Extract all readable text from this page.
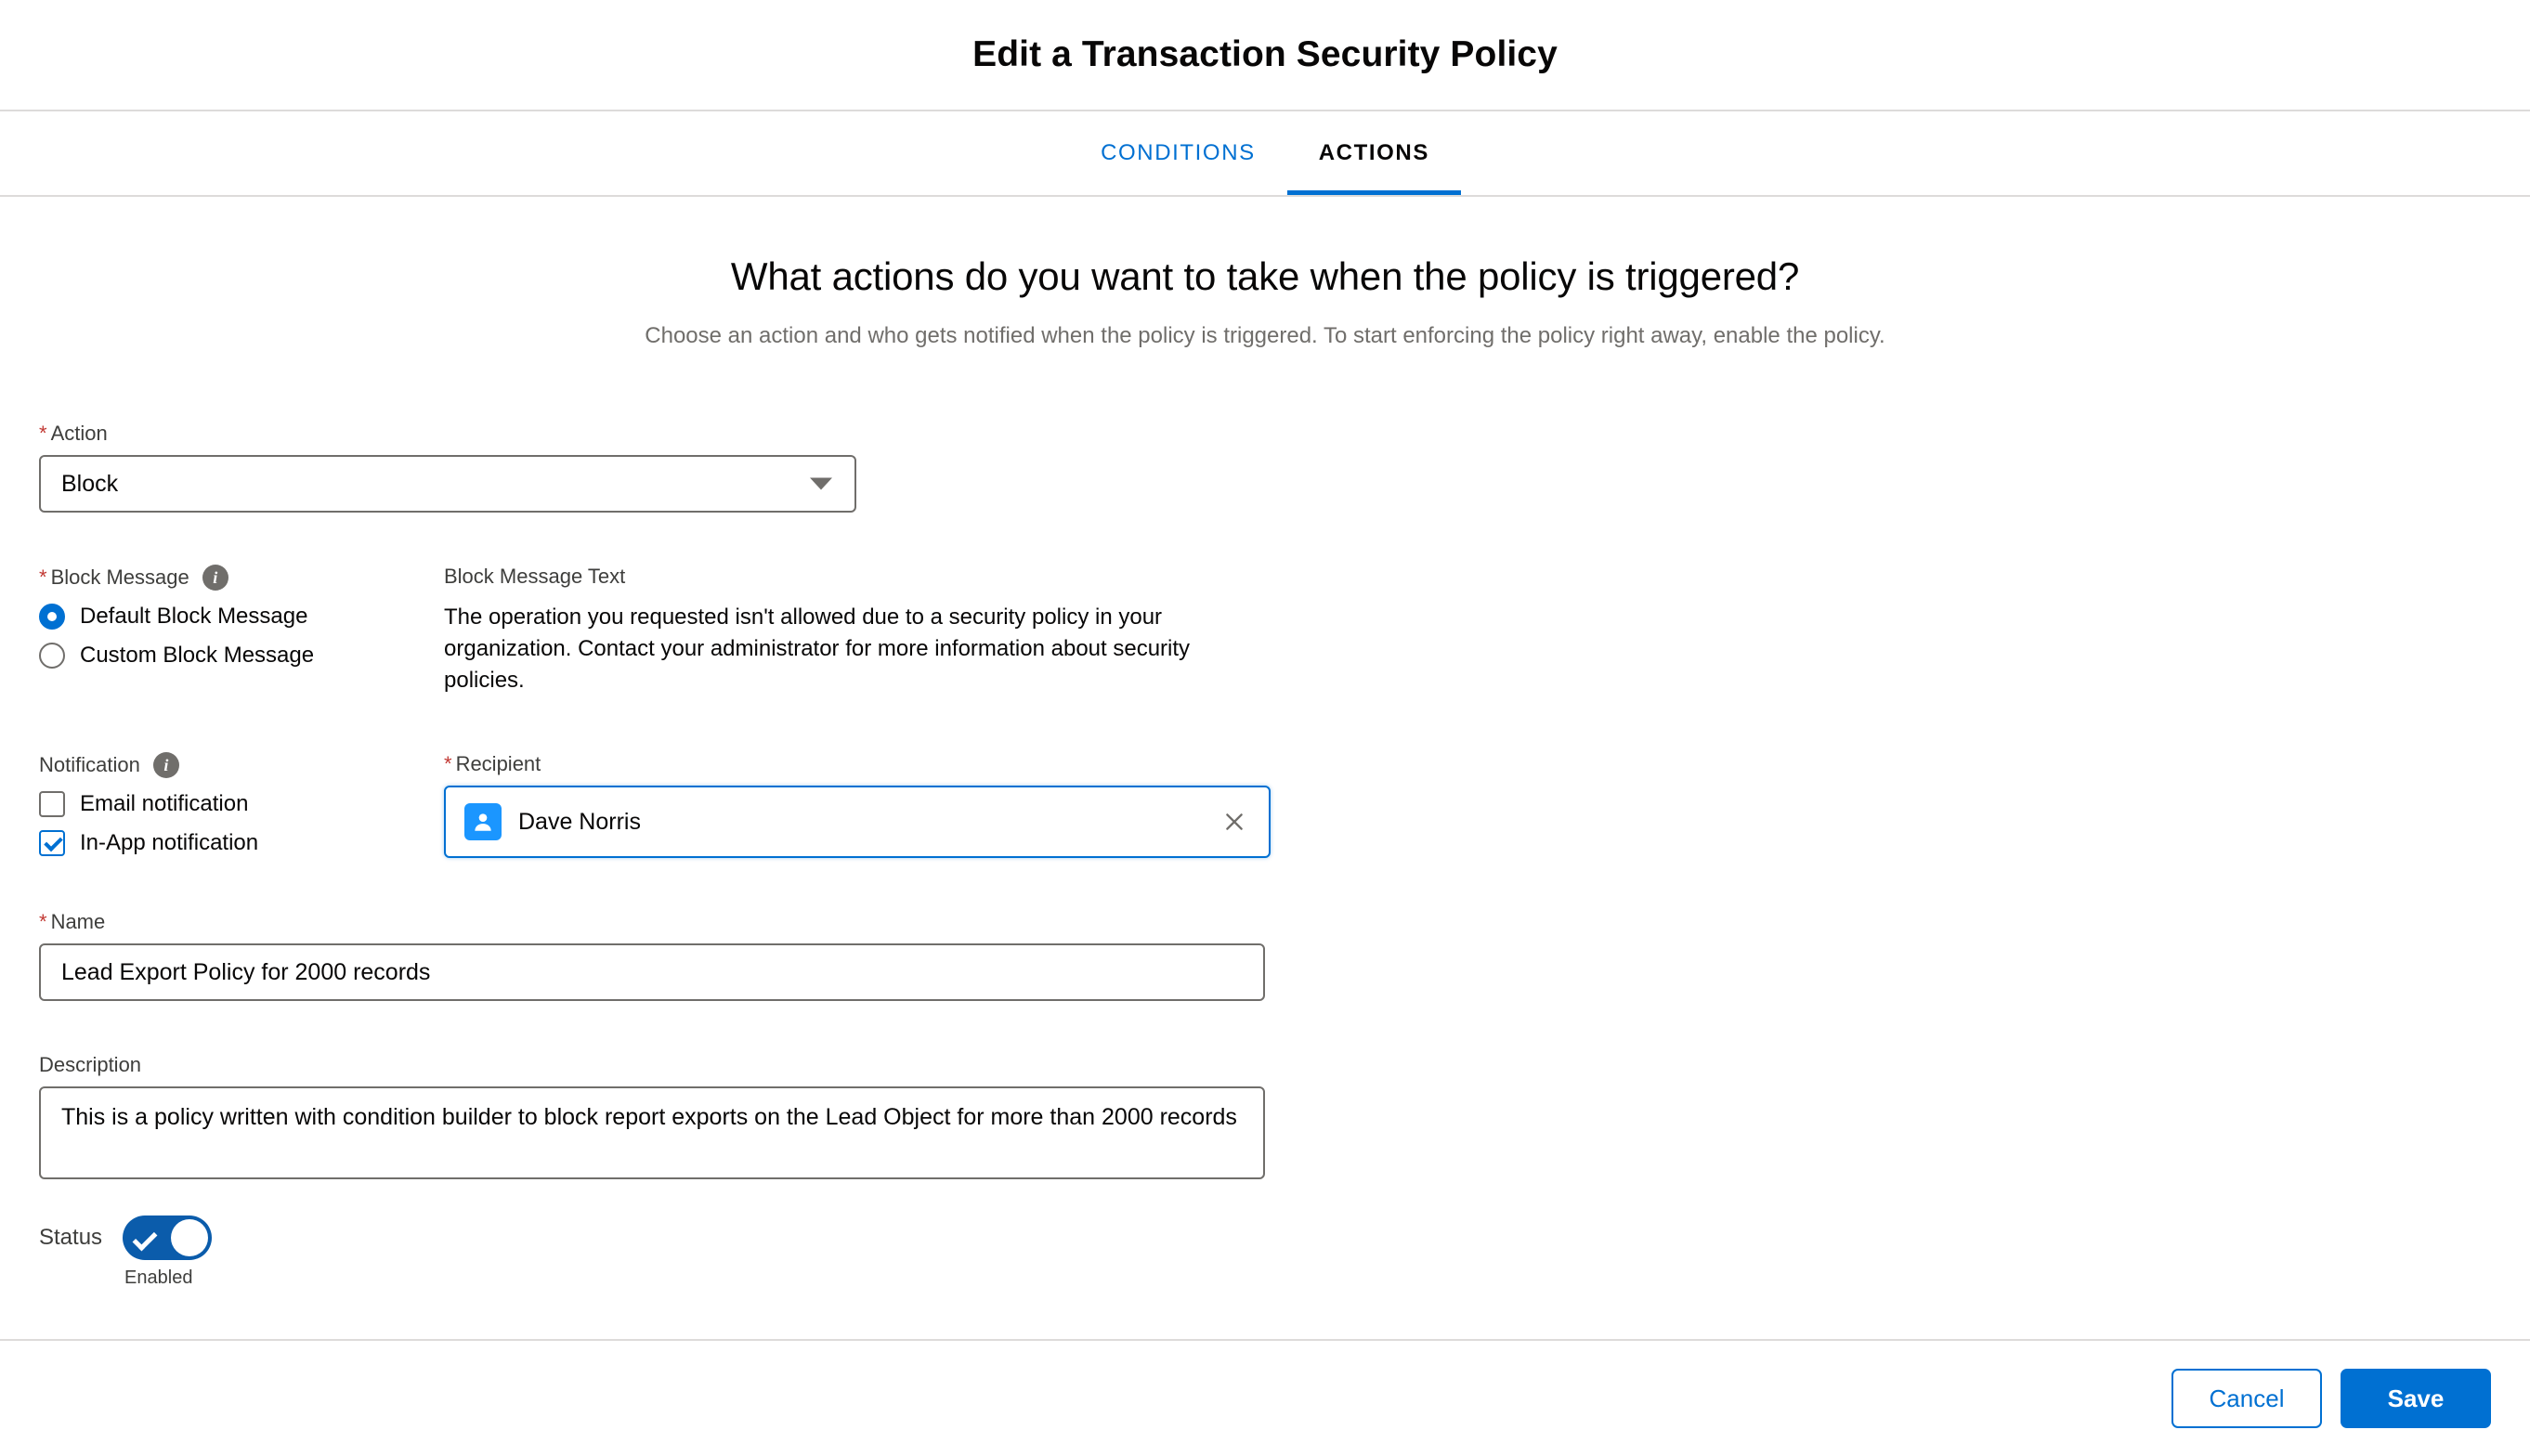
Edit a Transaction Security Policy
CONDITIONS	ACTIONS
What actions do you want to take when the policy is triggered?
Choose an action and who gets notified when the policy is triggered. To start enforcing the policy right away, enable the policy.
* Action
Block
* Block Message	i
Default Block Message
Custom Block Message
Block Message Text
The operation you requested isn't allowed due to a security policy in your organization. Contact your administrator for more information about security policies.
Notification	i
Email notification
In-App notification
* Recipient
Dave Norris
* Name
Lead Export Policy for 2000 records
Description
This is a policy written with condition builder to block report exports on the Lead Object for more than 2000 records
Status
Enabled
Cancel	Save
